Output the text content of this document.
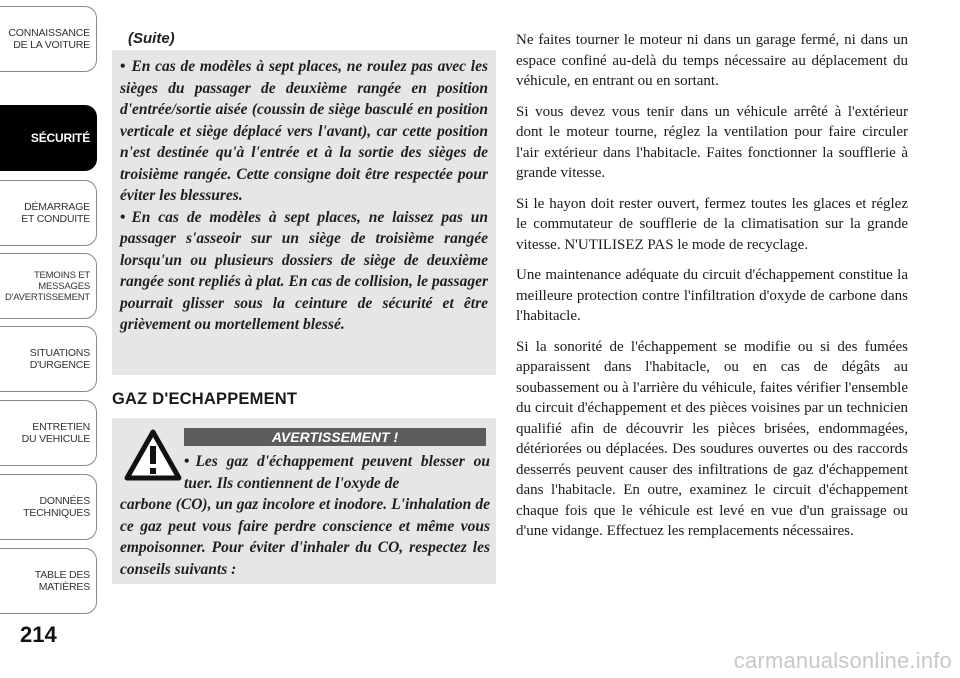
CONNAISSANCE
DE LA VOITURE
SÉCURITÉ
DÉMARRAGE
ET CONDUITE
TEMOINS ET
MESSAGES
D'AVERTISSEMENT
SITUATIONS
D'URGENCE
ENTRETIEN
DU VEHICULE
DONNÉES
TECHNIQUES
TABLE DES
MATIÈRES
214
(Suite)

• En cas de modèles à sept places, ne roulez pas avec les sièges du passager de deuxième rangée en position d'entrée/sortie aisée (coussin de siège basculé en position verticale et siège déplacé vers l'avant), car cette position n'est destinée qu'à l'entrée et à la sortie des sièges de troisième rangée. Cette consigne doit être respectée pour éviter les blessures.

• En cas de modèles à sept places, ne laissez pas un passager s'asseoir sur un siège de troisième rangée lorsqu'un ou plusieurs dossiers de siège de deuxième rangée sont repliés à plat. En cas de collision, le passager pourrait glisser sous la ceinture de sécurité et être grièvement ou mortellement blessé.

GAZ D'ECHAPPEMENT
AVERTISSEMENT !
• Les gaz d'échappement peuvent blesser ou tuer. Ils contiennent de l'oxyde de
carbone (CO), un gaz incolore et inodore. L'inhalation de ce gaz peut vous faire perdre conscience et même vous empoisonner. Pour éviter d'inhaler du CO, respectez les conseils suivants :

Ne faites tourner le moteur ni dans un garage fermé, ni dans un espace confiné au-delà du temps nécessaire au déplacement du véhicule, en entrant ou en sortant.

Si vous devez vous tenir dans un véhicule arrêté à l'extérieur dont le moteur tourne, réglez la ventilation pour faire circuler l'air extérieur dans l'habitacle. Faites fonctionner la soufflerie à grande vitesse.

Si le hayon doit rester ouvert, fermez toutes les glaces et réglez le commutateur de soufflerie de la climatisation sur la grande vitesse. N'UTILISEZ PAS le mode de recyclage.

Une maintenance adéquate du circuit d'échappement constitue la meilleure protection contre l'infiltration d'oxyde de carbone dans l'habitacle.

Si la sonorité de l'échappement se modifie ou si des fumées apparaissent dans l'habitacle, ou en cas de dégâts au soubassement ou à l'arrière du véhicule, faites vérifier l'ensemble du circuit d'échappement et des pièces voisines par un technicien qualifié afin de découvrir les pièces brisées, endommagées, détériorées ou déplacées. Des soudures ouvertes ou des raccords desserrés peuvent causer des infiltrations de gaz d'échappement dans l'habitacle. En outre, examinez le circuit d'échappement chaque fois que le véhicule est levé en vue d'un graissage ou d'une vidange. Effectuez les remplacements nécessaires.

carmanualsonline.info
